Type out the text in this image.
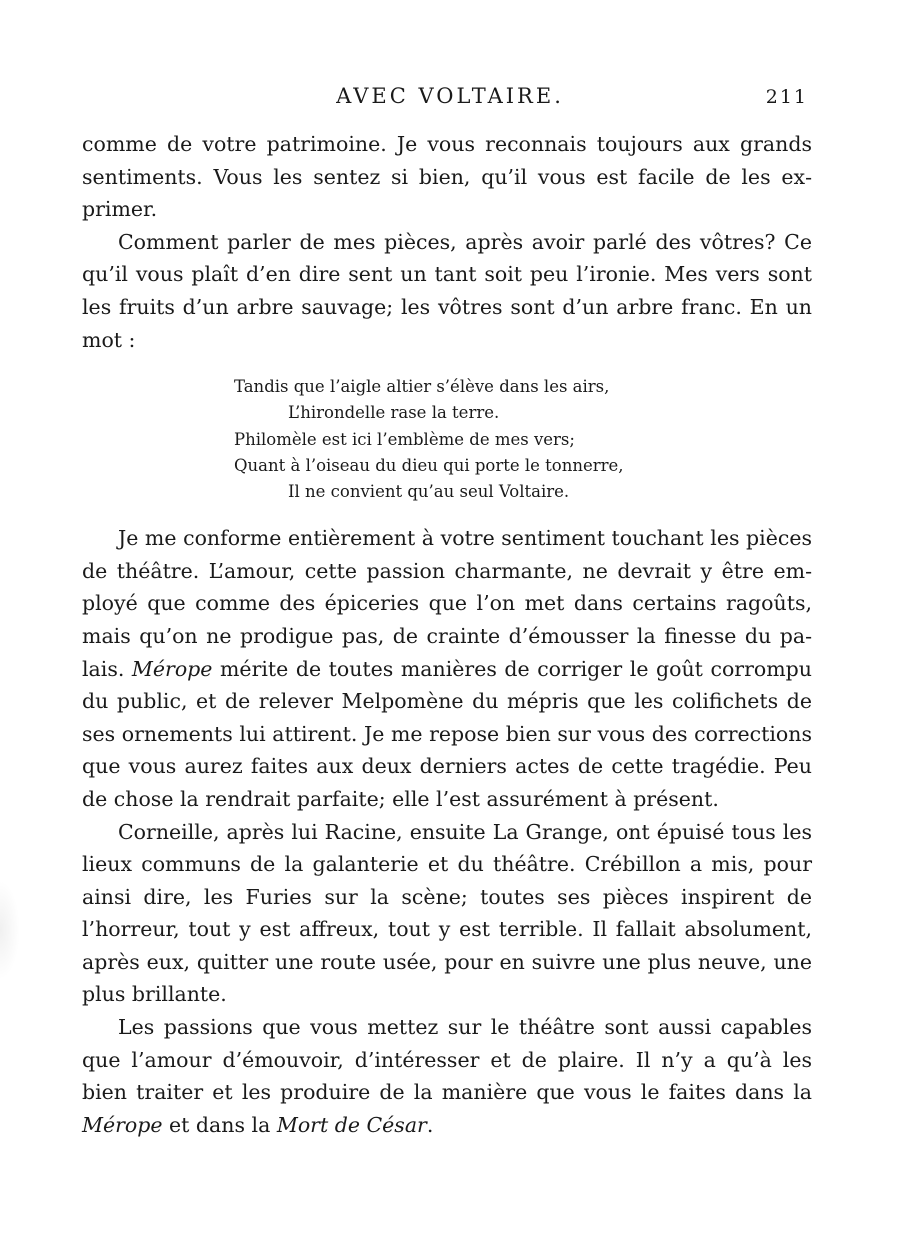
AVEC VOLTAIRE.	211

comme de votre patrimoine. Je vous reconnais toujours aux grands sentiments. Vous les sentez si bien, qu’il vous est facile de les exprimer.

Comment parler de mes pièces, après avoir parlé des vôtres? Ce qu’il vous plaît d’en dire sent un tant soit peu l’ironie. Mes vers sont les fruits d’un arbre sauvage; les vôtres sont d’un arbre franc. En un mot :

Tandis que l’aigle altier s’élève dans les airs,
L’hirondelle rase la terre.
Philomèle est ici l’emblème de mes vers;
Quant à l’oiseau du dieu qui porte le tonnerre,
Il ne convient qu’au seul Voltaire.

Je me conforme entièrement à votre sentiment touchant les pièces de théâtre. L’amour, cette passion charmante, ne devrait y être employé que comme des épiceries que l’on met dans certains ragoûts, mais qu’on ne prodigue pas, de crainte d’émousser la finesse du palais. Mérope mérite de toutes manières de corriger le goût corrompu du public, et de relever Melpomène du mépris que les colifichets de ses ornements lui attirent. Je me repose bien sur vous des corrections que vous aurez faites aux deux derniers actes de cette tragédie. Peu de chose la rendrait parfaite; elle l’est assurément à présent.

Corneille, après lui Racine, ensuite La Grange, ont épuisé tous les lieux communs de la galanterie et du théâtre. Crébillon a mis, pour ainsi dire, les Furies sur la scène; toutes ses pièces inspirent de l’horreur, tout y est affreux, tout y est terrible. Il fallait absolument, après eux, quitter une route usée, pour en suivre une plus neuve, une plus brillante.

Les passions que vous mettez sur le théâtre sont aussi capables que l’amour d’émouvoir, d’intéresser et de plaire. Il n’y a qu’à les bien traiter et les produire de la manière que vous le faites dans la Mérope et dans la Mort de César.
